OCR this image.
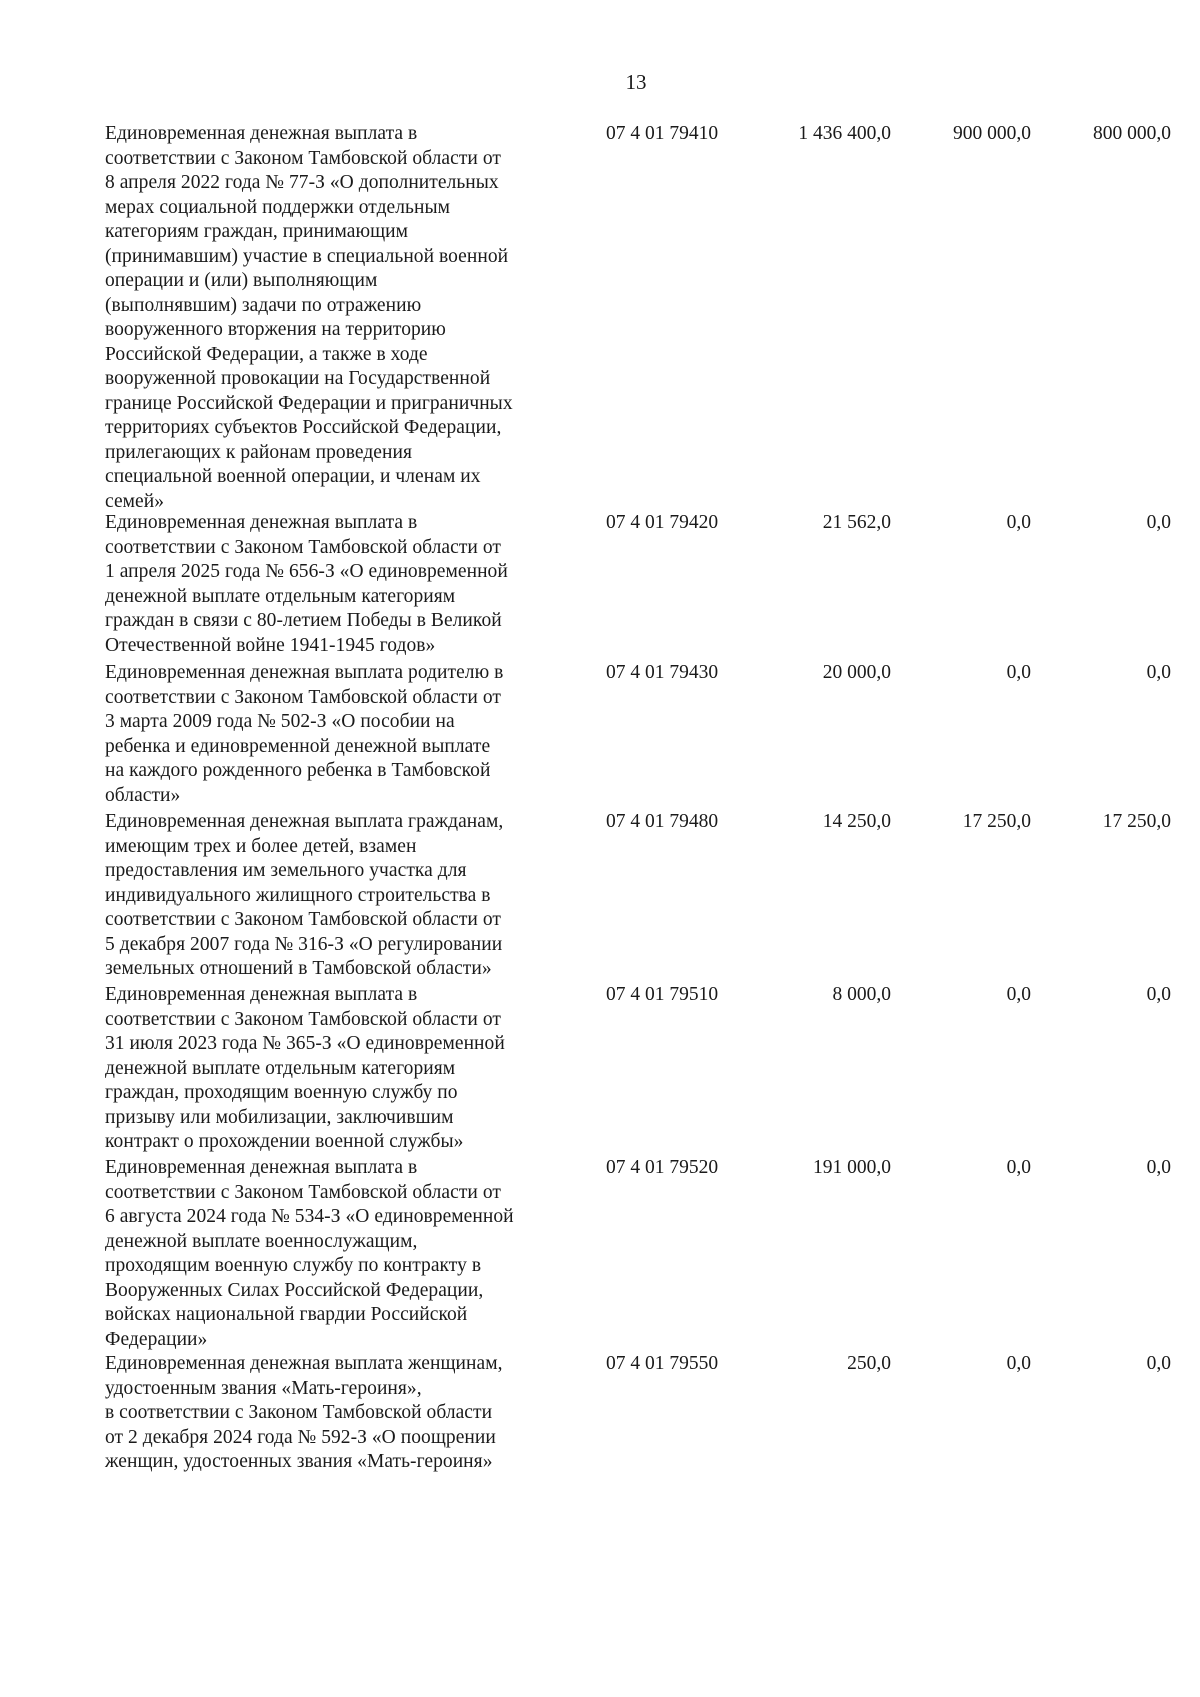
13
Единовременная денежная выплата в
соответствии с Законом Тамбовской области от
8 апреля 2022 года № 77-З «О дополнительных
мерах социальной поддержки отдельным
категориям граждан, принимающим
(принимавшим) участие в специальной военной
операции и (или) выполняющим
(выполнявшим) задачи по отражению
вооруженного вторжения на территорию
Российской Федерации, а также в ходе
вооруженной провокации на Государственной
границе Российской Федерации и приграничных
территориях субъектов Российской Федерации,
прилегающих к районам проведения
специальной военной операции, и членам их
семей»
07 4 01 79410	1 436 400,0	900 000,0	800 000,0
Единовременная денежная выплата в
соответствии с Законом Тамбовской области от
1 апреля 2025 года № 656-З «О единовременной
денежной выплате отдельным категориям
граждан в связи с 80-летием Победы в Великой
Отечественной войне 1941-1945 годов»
07 4 01 79420	21 562,0	0,0	0,0
Единовременная денежная выплата родителю в
соответствии с Законом Тамбовской области от
3 марта 2009 года № 502-З «О пособии на
ребенка и единовременной денежной выплате
на каждого рожденного ребенка в Тамбовской
области»
07 4 01 79430	20 000,0	0,0	0,0
Единовременная денежная выплата гражданам,
имеющим трех и более детей, взамен
предоставления им земельного участка для
индивидуального жилищного строительства в
соответствии с Законом Тамбовской области от
5 декабря 2007 года № 316-З «О регулировании
земельных отношений в Тамбовской области»
07 4 01 79480	14 250,0	17 250,0	17 250,0
Единовременная денежная выплата в
соответствии с Законом Тамбовской области от
31 июля 2023 года № 365-З «О единовременной
денежной выплате отдельным категориям
граждан, проходящим военную службу по
призыву или мобилизации, заключившим
контракт о прохождении военной службы»
07 4 01 79510	8 000,0	0,0	0,0
Единовременная денежная выплата в
соответствии с Законом Тамбовской области от
6 августа 2024 года № 534-З «О единовременной
денежной выплате военнослужащим,
проходящим военную службу по контракту в
Вооруженных Силах Российской Федерации,
войсках национальной гвардии Российской
Федерации»
07 4 01 79520	191 000,0	0,0	0,0
Единовременная денежная выплата женщинам,
удостоенным звания «Мать-героиня»,
в соответствии с Законом Тамбовской области
от 2 декабря 2024 года № 592-З «О поощрении
женщин, удостоенных звания «Мать-героиня»
07 4 01 79550	250,0	0,0	0,0
